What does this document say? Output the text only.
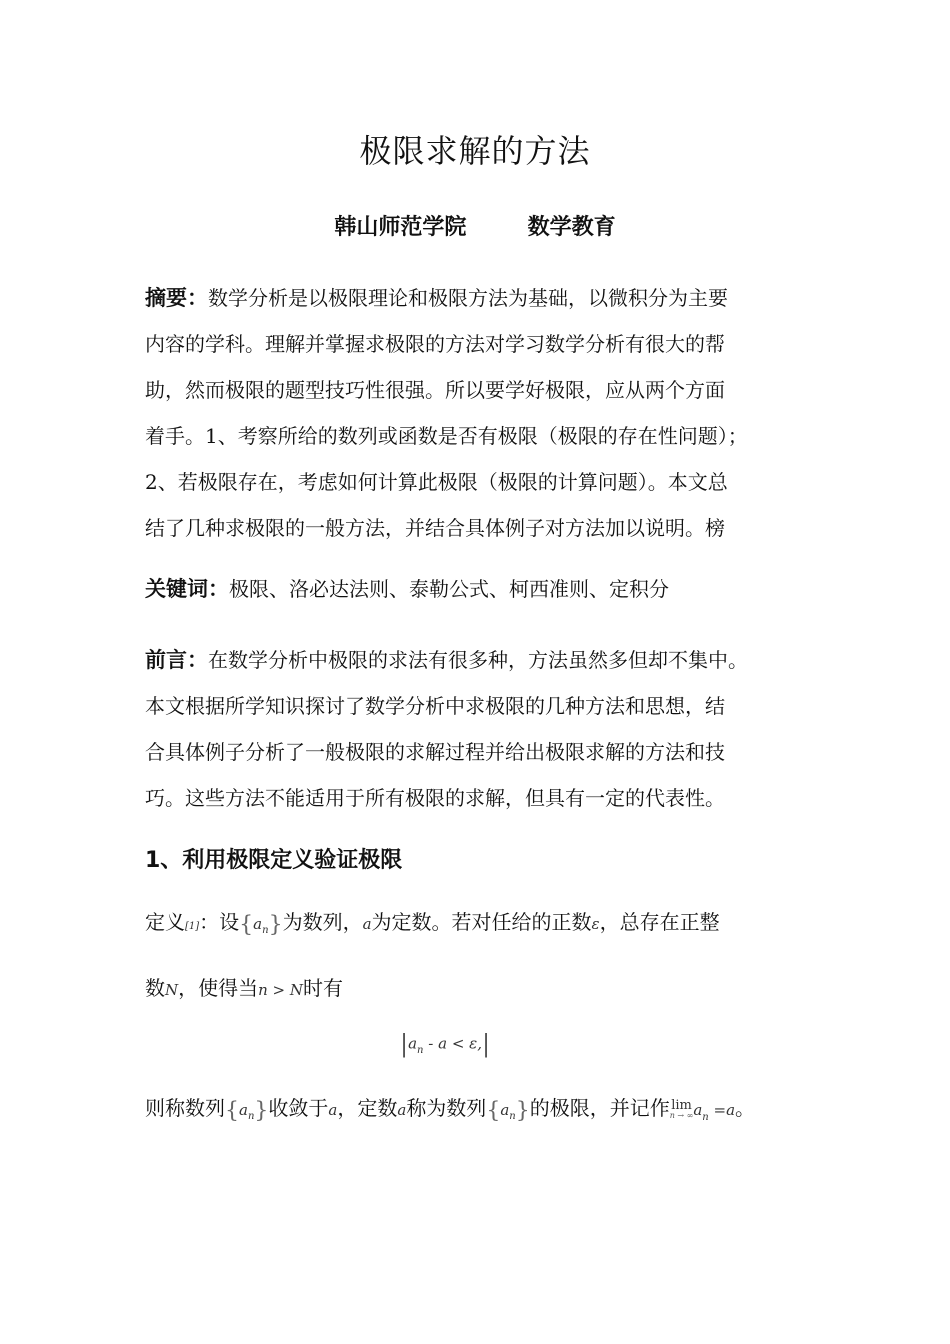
极限求解的方法
韩山师范学院        数学教育
摘要：数学分析是以极限理论和极限方法为基础，以微积分为主要
内容的学科。理解并掌握求极限的方法对学习数学分析有很大的帮
助，然而极限的题型技巧性很强。所以要学好极限，应从两个方面
着手。1、考察所给的数列或函数是否有极限（极限的存在性问题）；
2、若极限存在，考虑如何计算此极限（极限的计算问题）。本文总
结了几种求极限的一般方法，并结合具体例子对方法加以说明。榜
关键词：极限、洛必达法则、泰勒公式、柯西准则、定积分
前言：在数学分析中极限的求法有很多种，方法虽然多但却不集中。
本文根据所学知识探讨了数学分析中求极限的几种方法和思想，结
合具体例子分析了一般极限的求解过程并给出极限求解的方法和技
巧。这些方法不能适用于所有极限的求解，但具有一定的代表性。
1、利用极限定义验证极限
定义[1]：设$\{a_n\}$为数列，a为定数。若对任给的正数ε，总存在正整
数N，使得当n > N时有
$|a_n - a < \varepsilon,|$
则称数列$\{a_n\}$收敛于a，定数a称为数列$\{a_n\}$的极限，并记作 lim
n → ∞ $a_n =a$。
